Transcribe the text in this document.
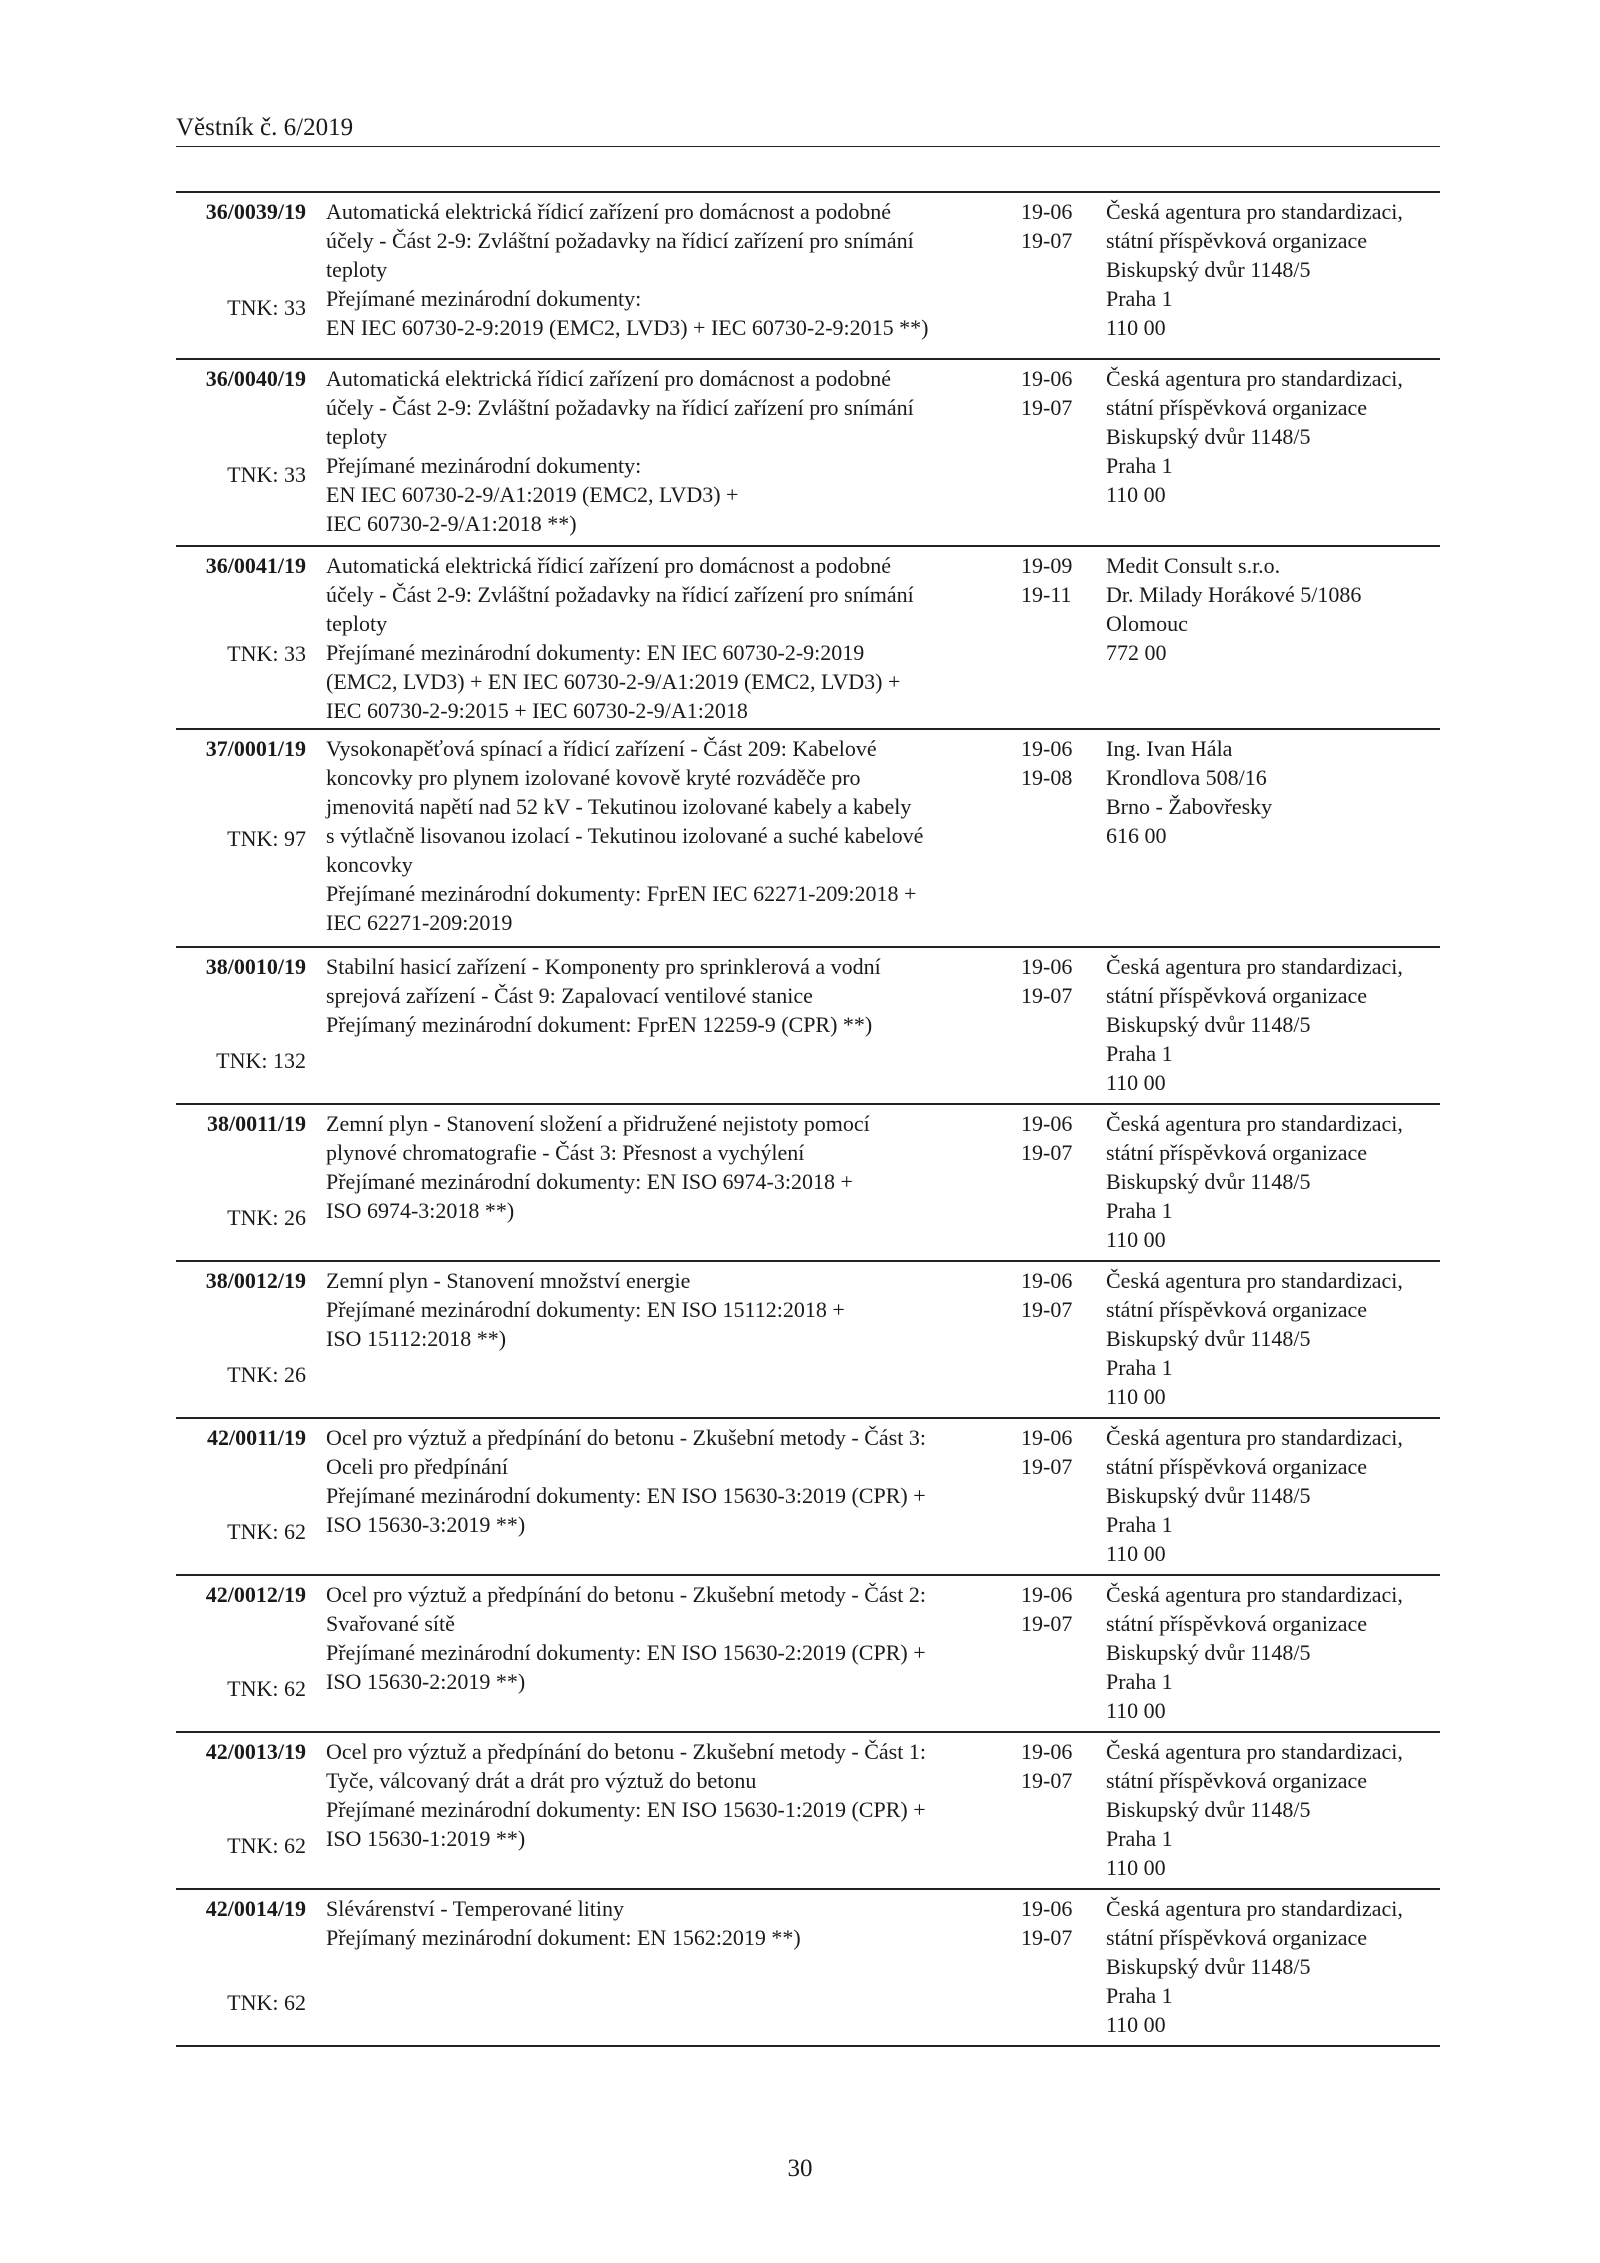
Věstník č. 6/2019
36/0039/19
TNK: 33
Automatická elektrická řídicí zařízení pro domácnost a podobné
účely - Část 2-9: Zvláštní požadavky na řídicí zařízení pro snímání
teploty
Přejímané mezinárodní dokumenty:
EN IEC 60730-2-9:2019 (EMC2, LVD3) + IEC 60730-2-9:2015 **)
19-06
19-07
Česká agentura pro standardizaci,
státní příspěvková organizace
Biskupský dvůr 1148/5
Praha 1
110 00
36/0040/19
TNK: 33
Automatická elektrická řídicí zařízení pro domácnost a podobné
účely - Část 2-9: Zvláštní požadavky na řídicí zařízení pro snímání
teploty
Přejímané mezinárodní dokumenty:
EN IEC 60730-2-9/A1:2019 (EMC2, LVD3) +
IEC 60730-2-9/A1:2018 **)
19-06
19-07
Česká agentura pro standardizaci,
státní příspěvková organizace
Biskupský dvůr 1148/5
Praha 1
110 00
36/0041/19
TNK: 33
Automatická elektrická řídicí zařízení pro domácnost a podobné
účely - Část 2-9: Zvláštní požadavky na řídicí zařízení pro snímání
teploty
Přejímané mezinárodní dokumenty: EN IEC 60730-2-9:2019
(EMC2, LVD3) + EN IEC 60730-2-9/A1:2019 (EMC2, LVD3) +
IEC 60730-2-9:2015 + IEC 60730-2-9/A1:2018
19-09
19-11
Medit Consult s.r.o.
Dr. Milady Horákové 5/1086
Olomouc
772 00
37/0001/19
TNK: 97
Vysokonapěťová spínací a řídicí zařízení - Část 209: Kabelové
koncovky pro plynem izolované kovově kryté rozváděče pro
jmenovitá napětí nad 52 kV - Tekutinou izolované kabely a kabely
s výtlačně lisovanou izolací - Tekutinou izolované a suché kabelové
koncovky
Přejímané mezinárodní dokumenty: FprEN IEC 62271-209:2018 +
IEC 62271-209:2019
19-06
19-08
Ing. Ivan Hála
Krondlova 508/16
Brno - Žabovřesky
616 00
38/0010/19
TNK: 132
Stabilní hasicí zařízení - Komponenty pro sprinklerová a vodní
sprejová zařízení - Část 9: Zapalovací ventilové stanice
Přejímaný mezinárodní dokument: FprEN 12259-9 (CPR) **)
19-06
19-07
Česká agentura pro standardizaci,
státní příspěvková organizace
Biskupský dvůr 1148/5
Praha 1
110 00
38/0011/19
TNK: 26
Zemní plyn - Stanovení složení a přidružené nejistoty pomocí
plynové chromatografie - Část 3: Přesnost a vychýlení
Přejímané mezinárodní dokumenty: EN ISO 6974-3:2018 +
ISO 6974-3:2018 **)
19-06
19-07
Česká agentura pro standardizaci,
státní příspěvková organizace
Biskupský dvůr 1148/5
Praha 1
110 00
38/0012/19
TNK: 26
Zemní plyn - Stanovení množství energie
Přejímané mezinárodní dokumenty: EN ISO 15112:2018 +
ISO 15112:2018 **)
19-06
19-07
Česká agentura pro standardizaci,
státní příspěvková organizace
Biskupský dvůr 1148/5
Praha 1
110 00
42/0011/19
TNK: 62
Ocel pro výztuž a předpínání do betonu - Zkušební metody - Část 3:
Oceli pro předpínání
Přejímané mezinárodní dokumenty: EN ISO 15630-3:2019 (CPR) +
ISO 15630-3:2019 **)
19-06
19-07
Česká agentura pro standardizaci,
státní příspěvková organizace
Biskupský dvůr 1148/5
Praha 1
110 00
42/0012/19
TNK: 62
Ocel pro výztuž a předpínání do betonu - Zkušební metody - Část 2:
Svařované sítě
Přejímané mezinárodní dokumenty: EN ISO 15630-2:2019 (CPR) +
ISO 15630-2:2019 **)
19-06
19-07
Česká agentura pro standardizaci,
státní příspěvková organizace
Biskupský dvůr 1148/5
Praha 1
110 00
42/0013/19
TNK: 62
Ocel pro výztuž a předpínání do betonu - Zkušební metody - Část 1:
Tyče, válcovaný drát a drát pro výztuž do betonu
Přejímané mezinárodní dokumenty: EN ISO 15630-1:2019 (CPR) +
ISO 15630-1:2019 **)
19-06
19-07
Česká agentura pro standardizaci,
státní příspěvková organizace
Biskupský dvůr 1148/5
Praha 1
110 00
42/0014/19
TNK: 62
Slévárenství - Temperované litiny
Přejímaný mezinárodní dokument: EN 1562:2019 **)
19-06
19-07
Česká agentura pro standardizaci,
státní příspěvková organizace
Biskupský dvůr 1148/5
Praha 1
110 00
30
